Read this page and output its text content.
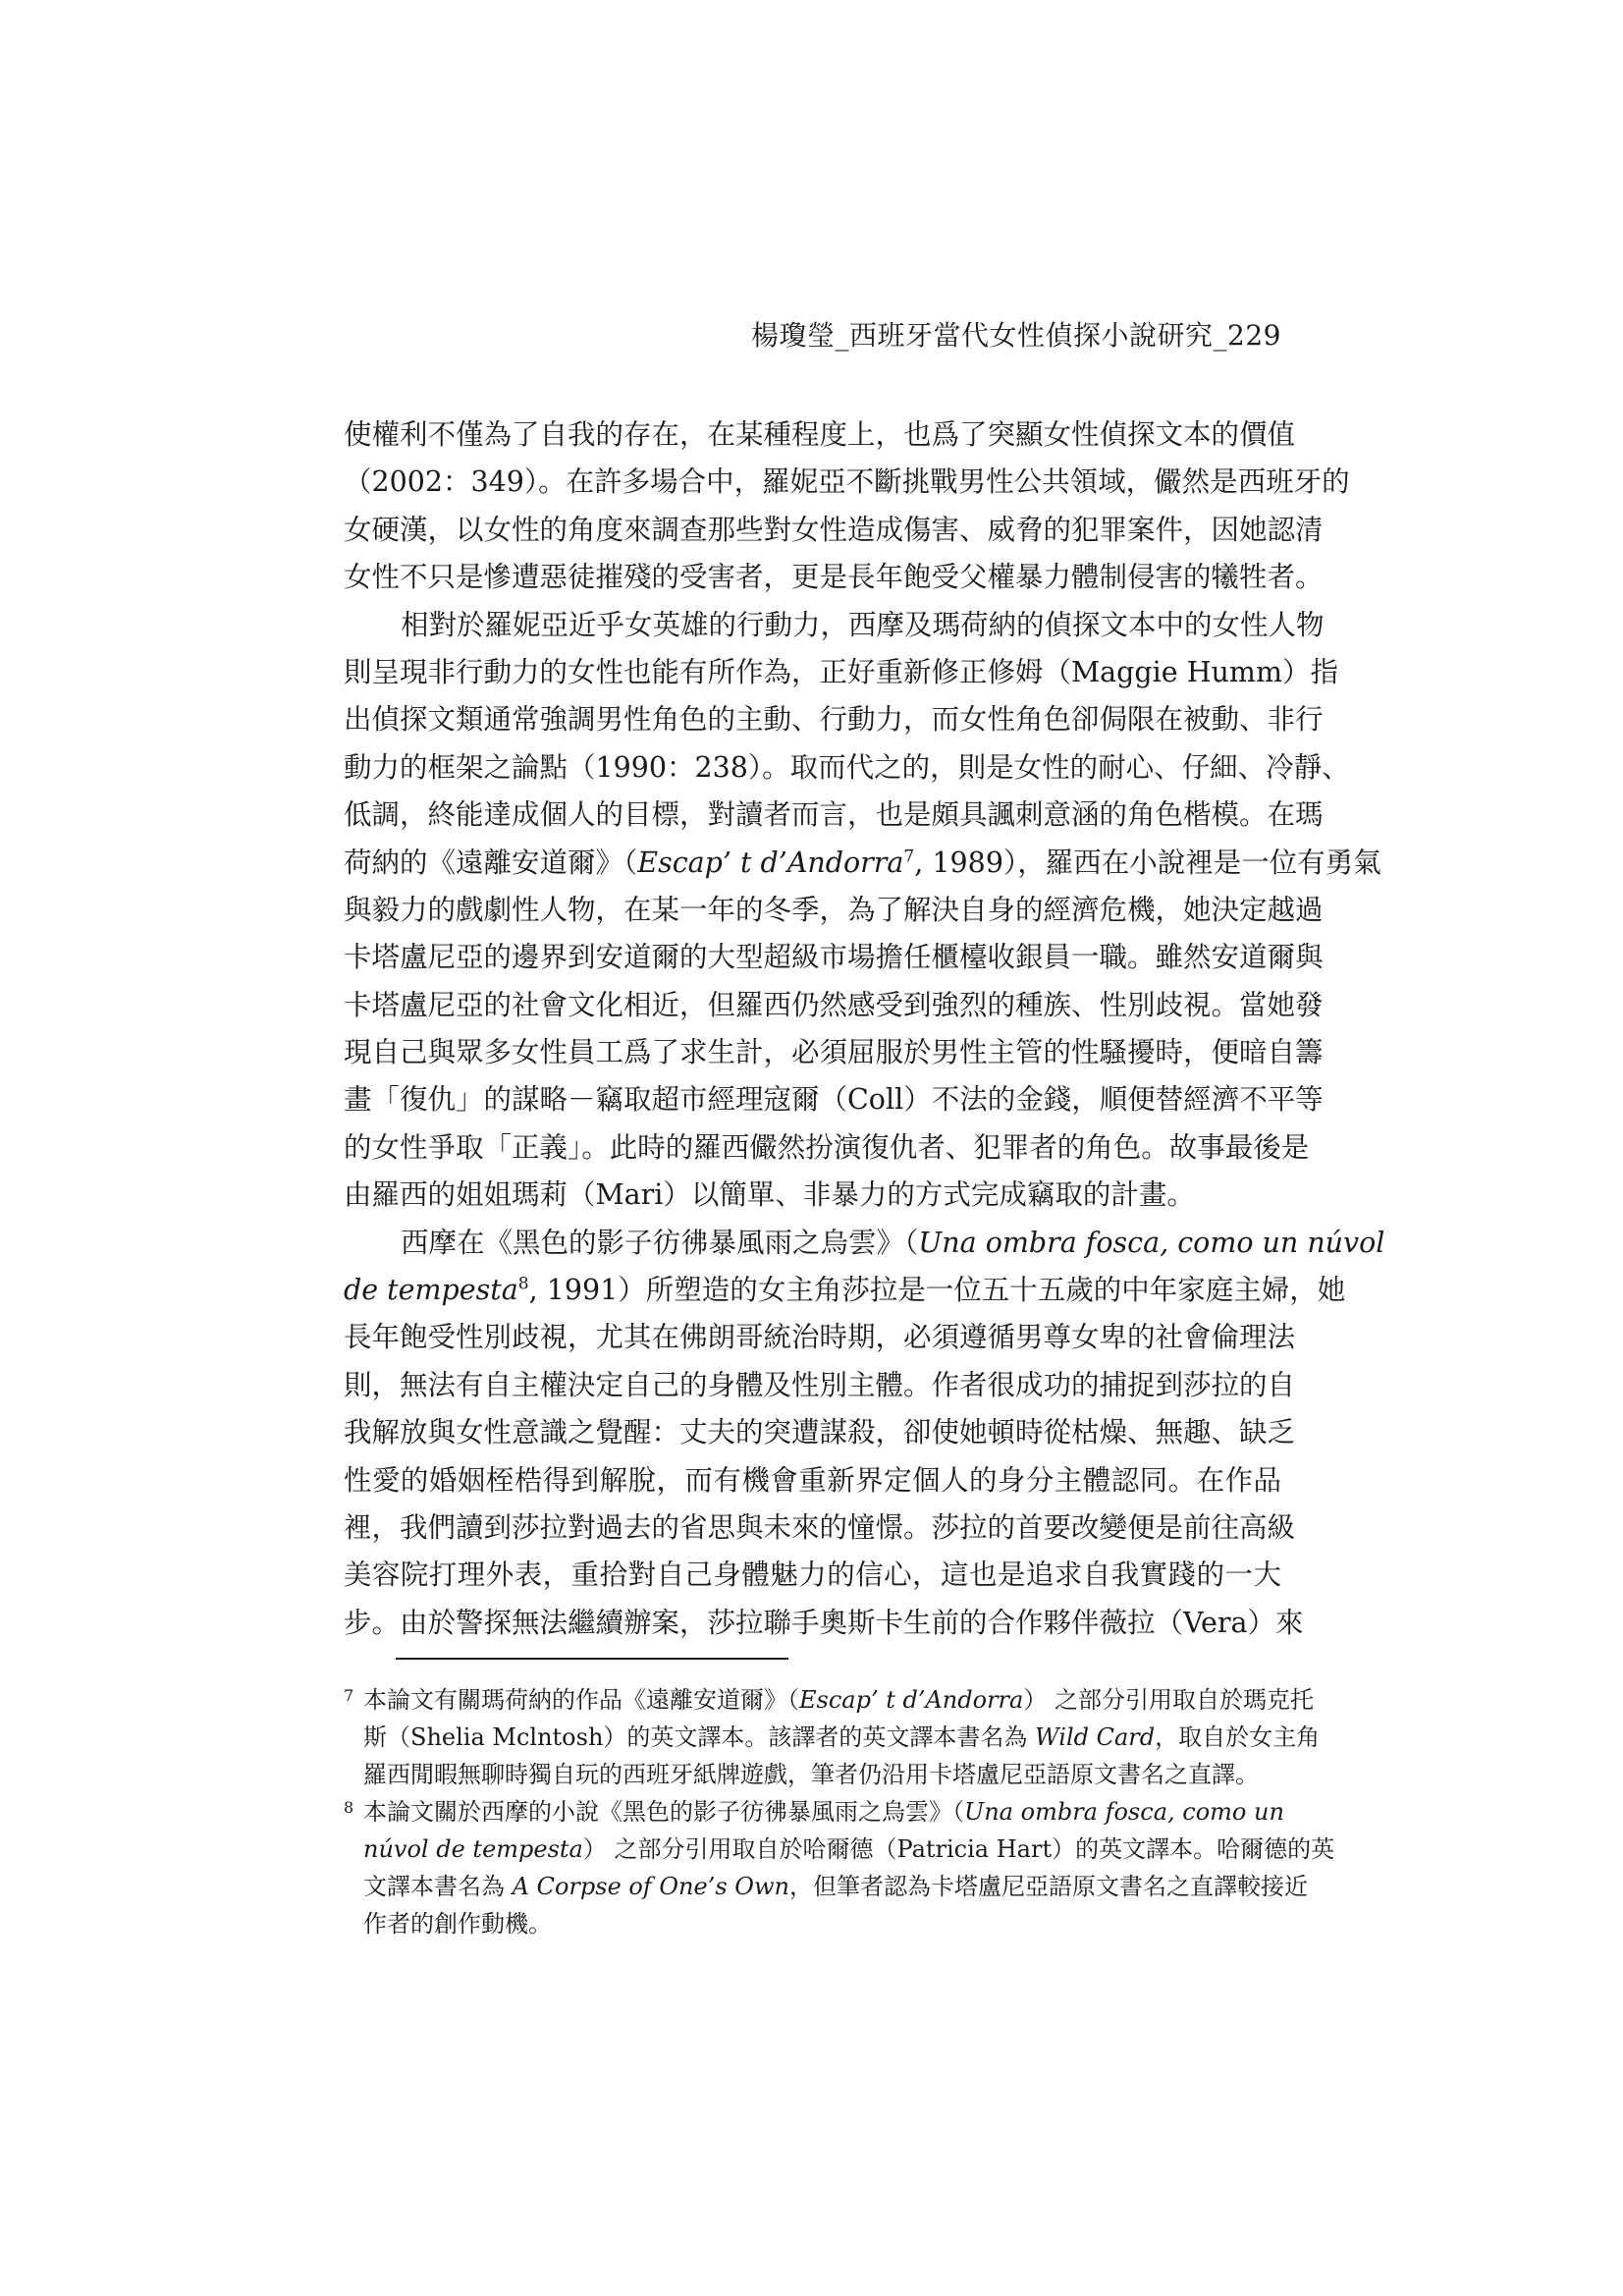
楊瓊瑩_西班牙當代女性偵探小說研究_229
使權利不僅為了自我的存在，在某種程度上，也爲了突顯女性偵探文本的價值
（2002：349）。在許多場合中，羅妮亞不斷挑戰男性公共領域，儼然是西班牙的
女硬漢，以女性的角度來調查那些對女性造成傷害、威脅的犯罪案件，因她認清
女性不只是慘遭惡徒摧殘的受害者，更是長年飽受父權暴力體制侵害的犧牲者。
相對於羅妮亞近乎女英雄的行動力，西摩及瑪荷納的偵探文本中的女性人物
則呈現非行動力的女性也能有所作為，正好重新修正修姆（Maggie Humm）指
出偵探文類通常強調男性角色的主動、行動力，而女性角色卻侷限在被動、非行
動力的框架之論點（1990：238）。取而代之的，則是女性的耐心、仔細、冷靜、
低調，終能達成個人的目標，對讀者而言，也是頗具諷刺意涵的角色楷模。在瑪
荷納的《遠離安道爾》（Escap’ t d’Andorra$^7$, 1989），羅西在小說裡是一位有勇氣
與毅力的戲劇性人物，在某一年的冬季，為了解決自身的經濟危機，她決定越過
卡塔盧尼亞的邊界到安道爾的大型超級市場擔任櫃檯收銀員一職。雖然安道爾與
卡塔盧尼亞的社會文化相近，但羅西仍然感受到強烈的種族、性別歧視。當她發
現自己與眾多女性員工爲了求生計，必須屈服於男性主管的性騷擾時，便暗自籌
畫「復仇」的謀略－竊取超市經理寇爾（Coll）不法的金錢，順便替經濟不平等
的女性爭取「正義」。此時的羅西儼然扮演復仇者、犯罪者的角色。故事最後是
由羅西的姐姐瑪莉（Mari）以簡單、非暴力的方式完成竊取的計畫。
西摩在《黑色的影子彷彿暴風雨之烏雲》（Una ombra fosca, como un núvol
de tempesta$^8$, 1991）所塑造的女主角莎拉是一位五十五歲的中年家庭主婦，她
長年飽受性別歧視，尤其在佛朗哥統治時期，必須遵循男尊女卑的社會倫理法
則，無法有自主權決定自己的身體及性別主體。作者很成功的捕捉到莎拉的自
我解放與女性意識之覺醒：丈夫的突遭謀殺，卻使她頓時從枯燥、無趣、缺乏
性愛的婚姻桎梏得到解脫，而有機會重新界定個人的身分主體認同。在作品
裡，我們讀到莎拉對過去的省思與未來的憧憬。莎拉的首要改變便是前往高級
美容院打理外表，重拾對自己身體魅力的信心，這也是追求自我實踐的一大
步。由於警探無法繼續辦案，莎拉聯手奧斯卡生前的合作夥伴薇拉（Vera）來
7 本論文有關瑪荷納的作品《遠離安道爾》（Escap’ t d’Andorra） 之部分引用取自於瑪克托
斯（Shelia Mclntosh）的英文譯本。該譯者的英文譯本書名為 Wild Card，取自於女主角
羅西閒暇無聊時獨自玩的西班牙紙牌遊戲，筆者仍沿用卡塔盧尼亞語原文書名之直譯。
8 本論文關於西摩的小說《黑色的影子彷彿暴風雨之烏雲》（Una ombra fosca, como un
núvol de tempesta） 之部分引用取自於哈爾德（Patricia Hart）的英文譯本。哈爾德的英
文譯本書名為 A Corpse of One’s Own，但筆者認為卡塔盧尼亞語原文書名之直譯較接近
作者的創作動機。
